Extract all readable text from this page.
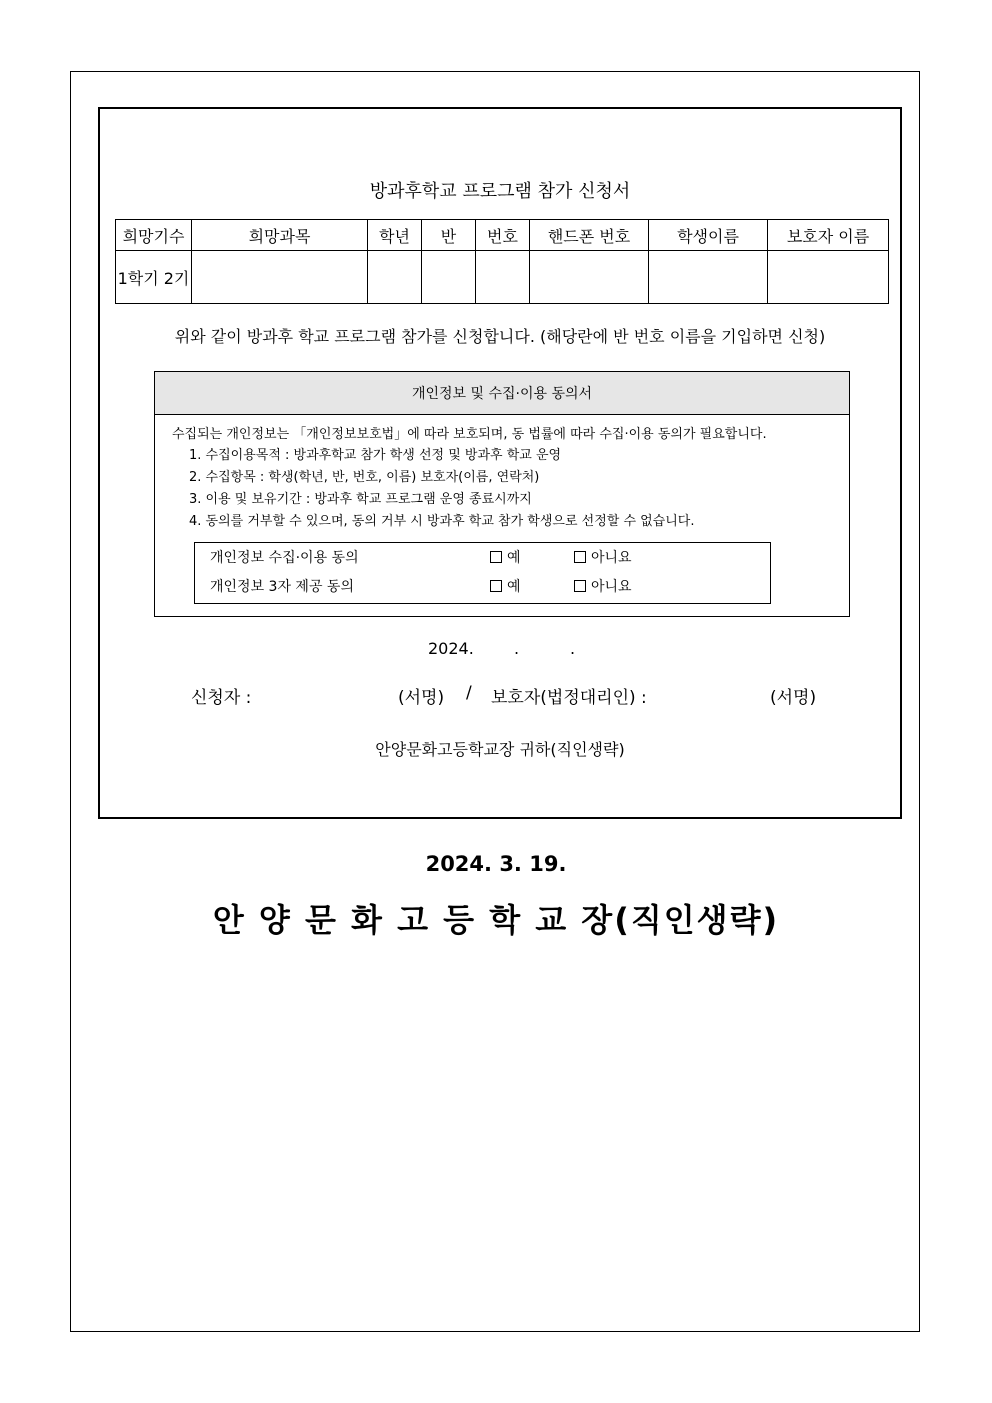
방과후학교 프로그램 참가 신청서
희망기수	희망과목	학년	반	번호	핸드폰 번호	학생이름	보호자 이름
1학기 2기							
위와 같이 방과후 학교 프로그램 참가를 신청합니다. (해당란에 반 번호 이름을 기입하면 신청)
개인정보 및 수집·이용 동의서
수집되는 개인정보는 「개인정보보호법」에 따라 보호되며, 동 법률에 따라 수집·이용 동의가 필요합니다.
1. 수집이용목적 : 방과후학교 참가 학생 선정 및 방과후 학교 운영
2. 수집항목 : 학생(학년, 반, 번호, 이름) 보호자(이름, 연락처)
3. 이용 및 보유기간 : 방과후 학교 프로그램 운영 종료시까지
4. 동의를 거부할 수 있으며, 동의 거부 시 방과후 학교 참가 학생으로 선정할 수 없습니다.
개인정보 수집·이용 동의	예	아니요
개인정보 3자 제공 동의	예	아니요
2024.	.	.
신청자 :	(서명) / 보호자(법정대리인) :	(서명)
안양문화고등학교장 귀하(직인생략)
2024. 3. 19.
안 양 문 화 고 등 학 교 장(직인생략)
